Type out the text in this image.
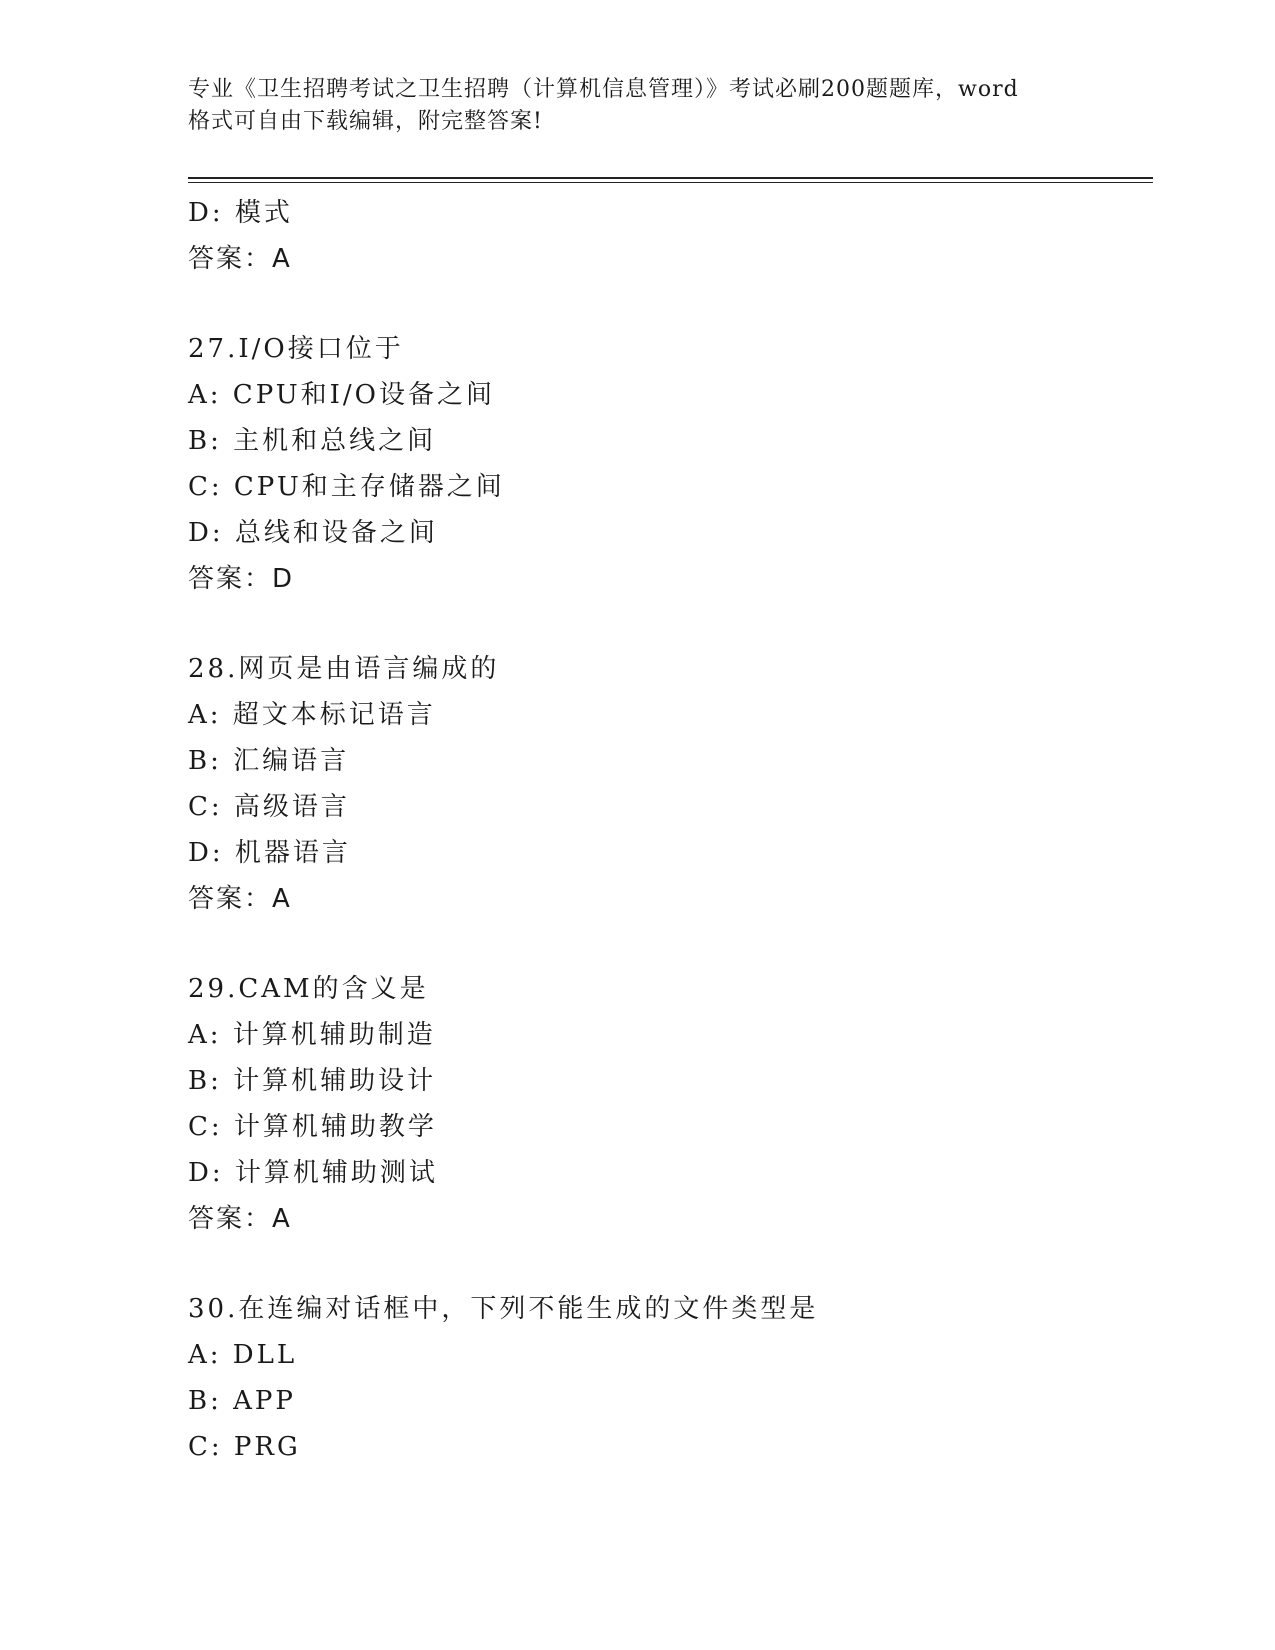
专业《卫生招聘考试之卫生招聘（计算机信息管理）》考试必刷200题题库，word
格式可自由下载编辑，附完整答案!
D: 模式
答案：A
27.I/O接口位于
A: CPU和I/O设备之间
B: 主机和总线之间
C: CPU和主存储器之间
D: 总线和设备之间
答案：D
28.网页是由语言编成的
A: 超文本标记语言
B: 汇编语言
C: 高级语言
D: 机器语言
答案：A
29.CAM的含义是
A: 计算机辅助制造
B: 计算机辅助设计
C: 计算机辅助教学
D: 计算机辅助测试
答案：A
30.在连编对话框中，下列不能生成的文件类型是
A: DLL
B: APP
C: PRG
